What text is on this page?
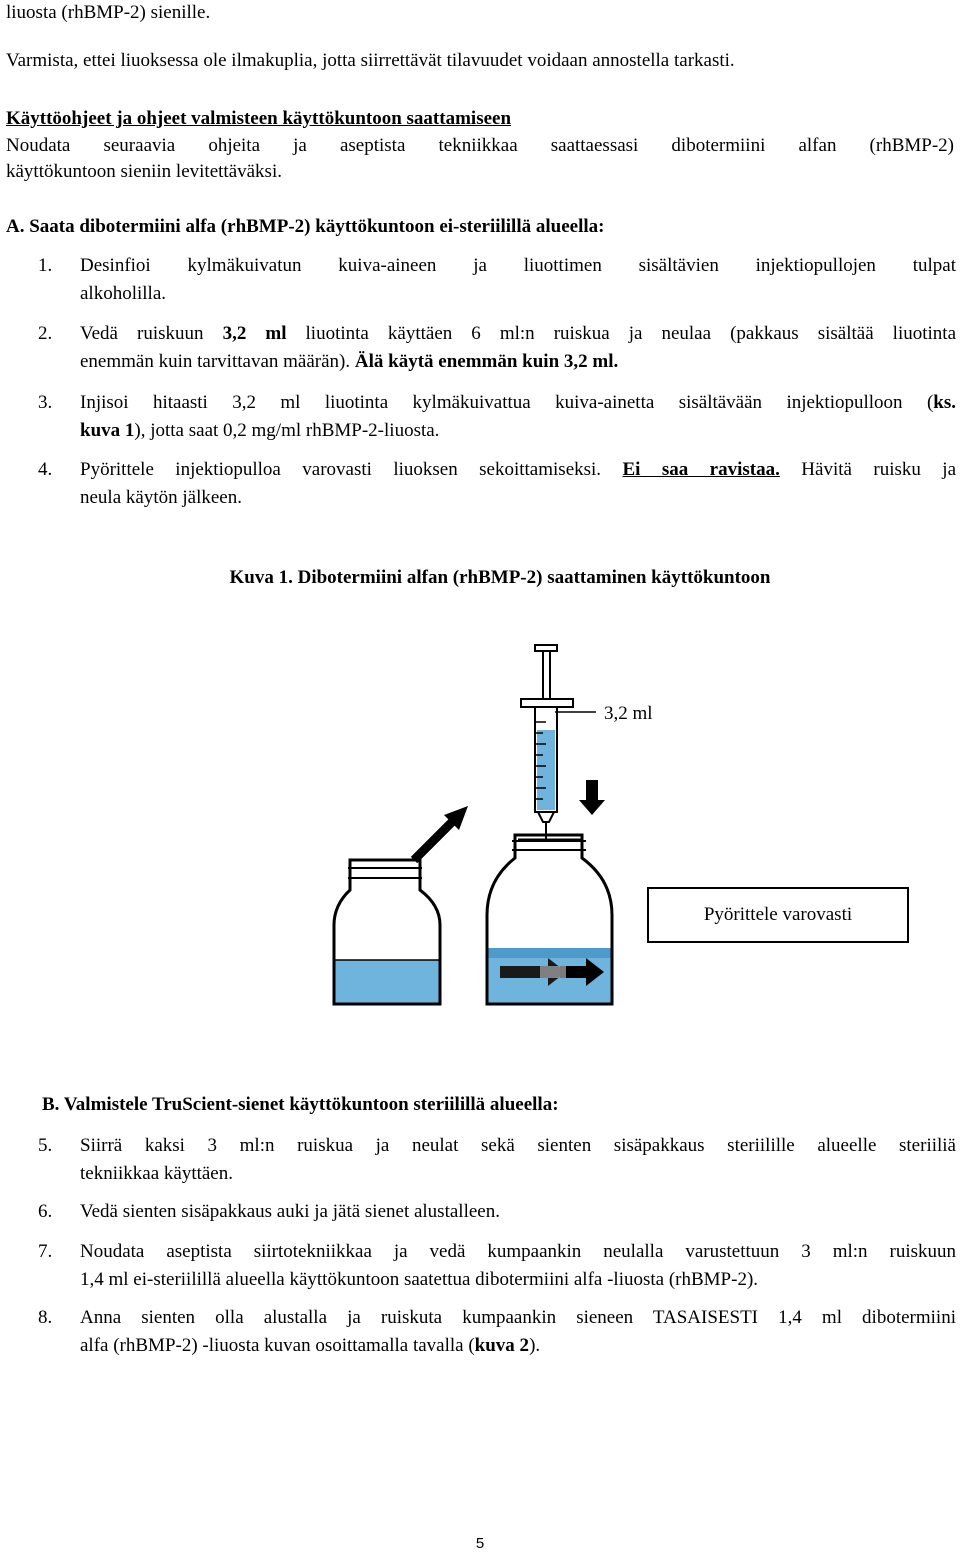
liuosta (rhBMP-2) sienille.
Varmista, ettei liuoksessa ole ilmakuplia, jotta siirrettävät tilavuudet voidaan annostella tarkasti.
Käyttöohjeet ja ohjeet valmisteen käyttökuntoon saattamiseen
Noudata seuraavia ohjeita ja aseptista tekniikkaa saattaessasi dibotermiini alfan (rhBMP-2)
käyttökuntoon sieniin levitettäväksi.
A. Saata dibotermiini alfa (rhBMP-2) käyttökuntoon ei-steriilillä alueella:
1.	Desinfioi kylmäkuivatun kuiva-aineen ja liuottimen sisältävien injektiopullojen tulpat
alkoholilla.
2.	Vedä ruiskuun 3,2 ml liuotinta käyttäen 6 ml:n ruiskua ja neulaa (pakkaus sisältää liuotinta
enemmän kuin tarvittavan määrän). Älä käytä enemmän kuin 3,2 ml.
3.	Injisoi hitaasti 3,2 ml liuotinta kylmäkuivattua kuiva-ainetta sisältävään injektiopulloon (ks.
kuva 1), jotta saat 0,2 mg/ml rhBMP-2-liuosta.
4.	Pyörittele injektiopulloa varovasti liuoksen sekoittamiseksi. Ei saa ravistaa. Hävitä ruisku ja
neula käytön jälkeen.
Kuva 1. Dibotermiini alfan (rhBMP-2) saattaminen käyttökuntoon
3,2 ml
Pyörittele varovasti
B. Valmistele TruScient-sienet käyttökuntoon steriilillä alueella:
5.	Siirrä kaksi 3 ml:n ruiskua ja neulat sekä sienten sisäpakkaus steriilille alueelle steriiliä
tekniikkaa käyttäen.
6.	Vedä sienten sisäpakkaus auki ja jätä sienet alustalleen.
7.	Noudata aseptista siirtotekniikkaa ja vedä kumpaankin neulalla varustettuun 3 ml:n ruiskuun
1,4 ml ei-steriilillä alueella käyttökuntoon saatettua dibotermiini alfa -liuosta (rhBMP-2).
8.	Anna sienten olla alustalla ja ruiskuta kumpaankin sieneen TASAISESTI 1,4 ml dibotermiini
alfa (rhBMP-2) -liuosta kuvan osoittamalla tavalla (kuva 2).
5
